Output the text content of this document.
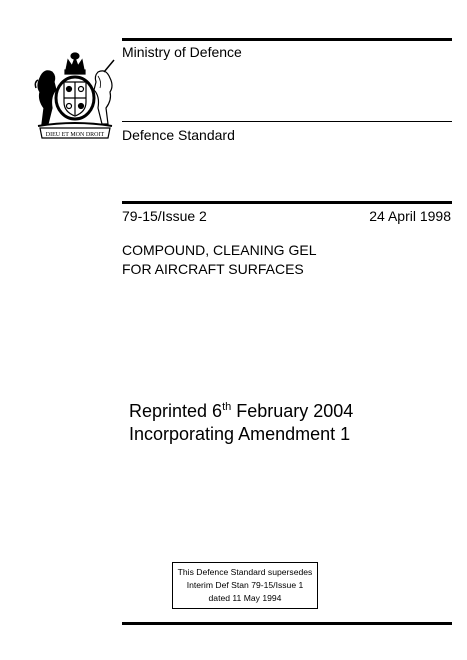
DIEU ET MON DROIT
Ministry of Defence
Defence Standard
79-15/Issue 2	24 April 1998
COMPOUND, CLEANING GEL
FOR AIRCRAFT SURFACES
Reprinted 6th February 2004
Incorporating Amendment 1
This Defence Standard supersedes
Interim Def Stan 79-15/Issue 1
dated 11 May 1994
